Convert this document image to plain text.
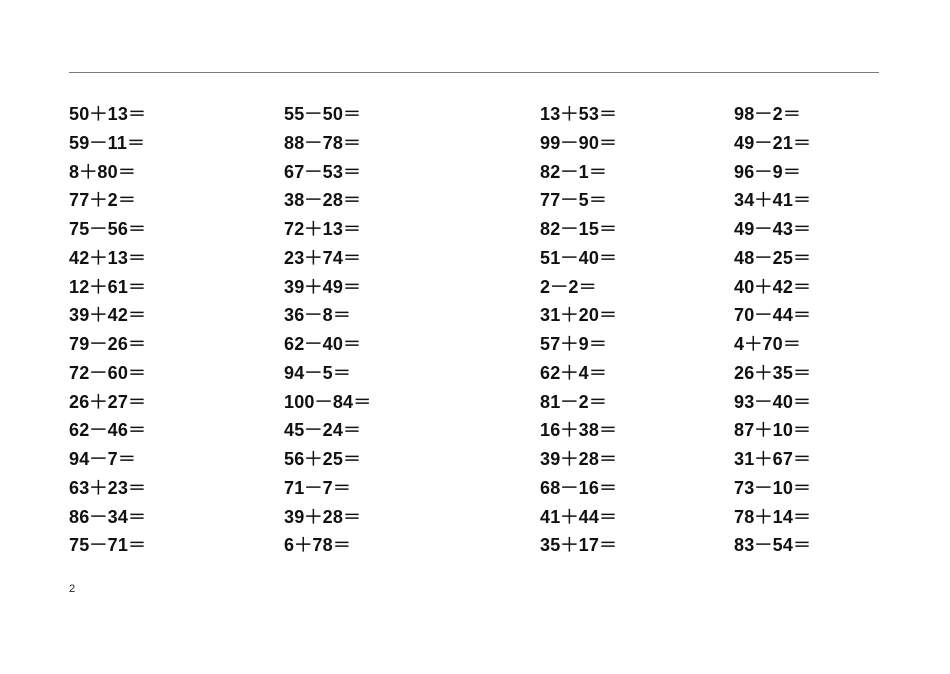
50＋13＝
59－11＝
8＋80＝
77＋2＝
75－56＝
42＋13＝
12＋61＝
39＋42＝
79－26＝
72－60＝
26＋27＝
62－46＝
94－7＝
63＋23＝
86－34＝
75－71＝
55－50＝
88－78＝
67－53＝
38－28＝
72＋13＝
23＋74＝
39＋49＝
36－8＝
62－40＝
94－5＝
100－84＝
45－24＝
56＋25＝
71－7＝
39＋28＝
6＋78＝
13＋53＝
99－90＝
82－1＝
77－5＝
82－15＝
51－40＝
2－2＝
31＋20＝
57＋9＝
62＋4＝
81－2＝
16＋38＝
39＋28＝
68－16＝
41＋44＝
35＋17＝
98－2＝
49－21＝
96－9＝
34＋41＝
49－43＝
48－25＝
40＋42＝
70－44＝
4＋70＝
26＋35＝
93－40＝
87＋10＝
31＋67＝
73－10＝
78＋14＝
83－54＝
2
